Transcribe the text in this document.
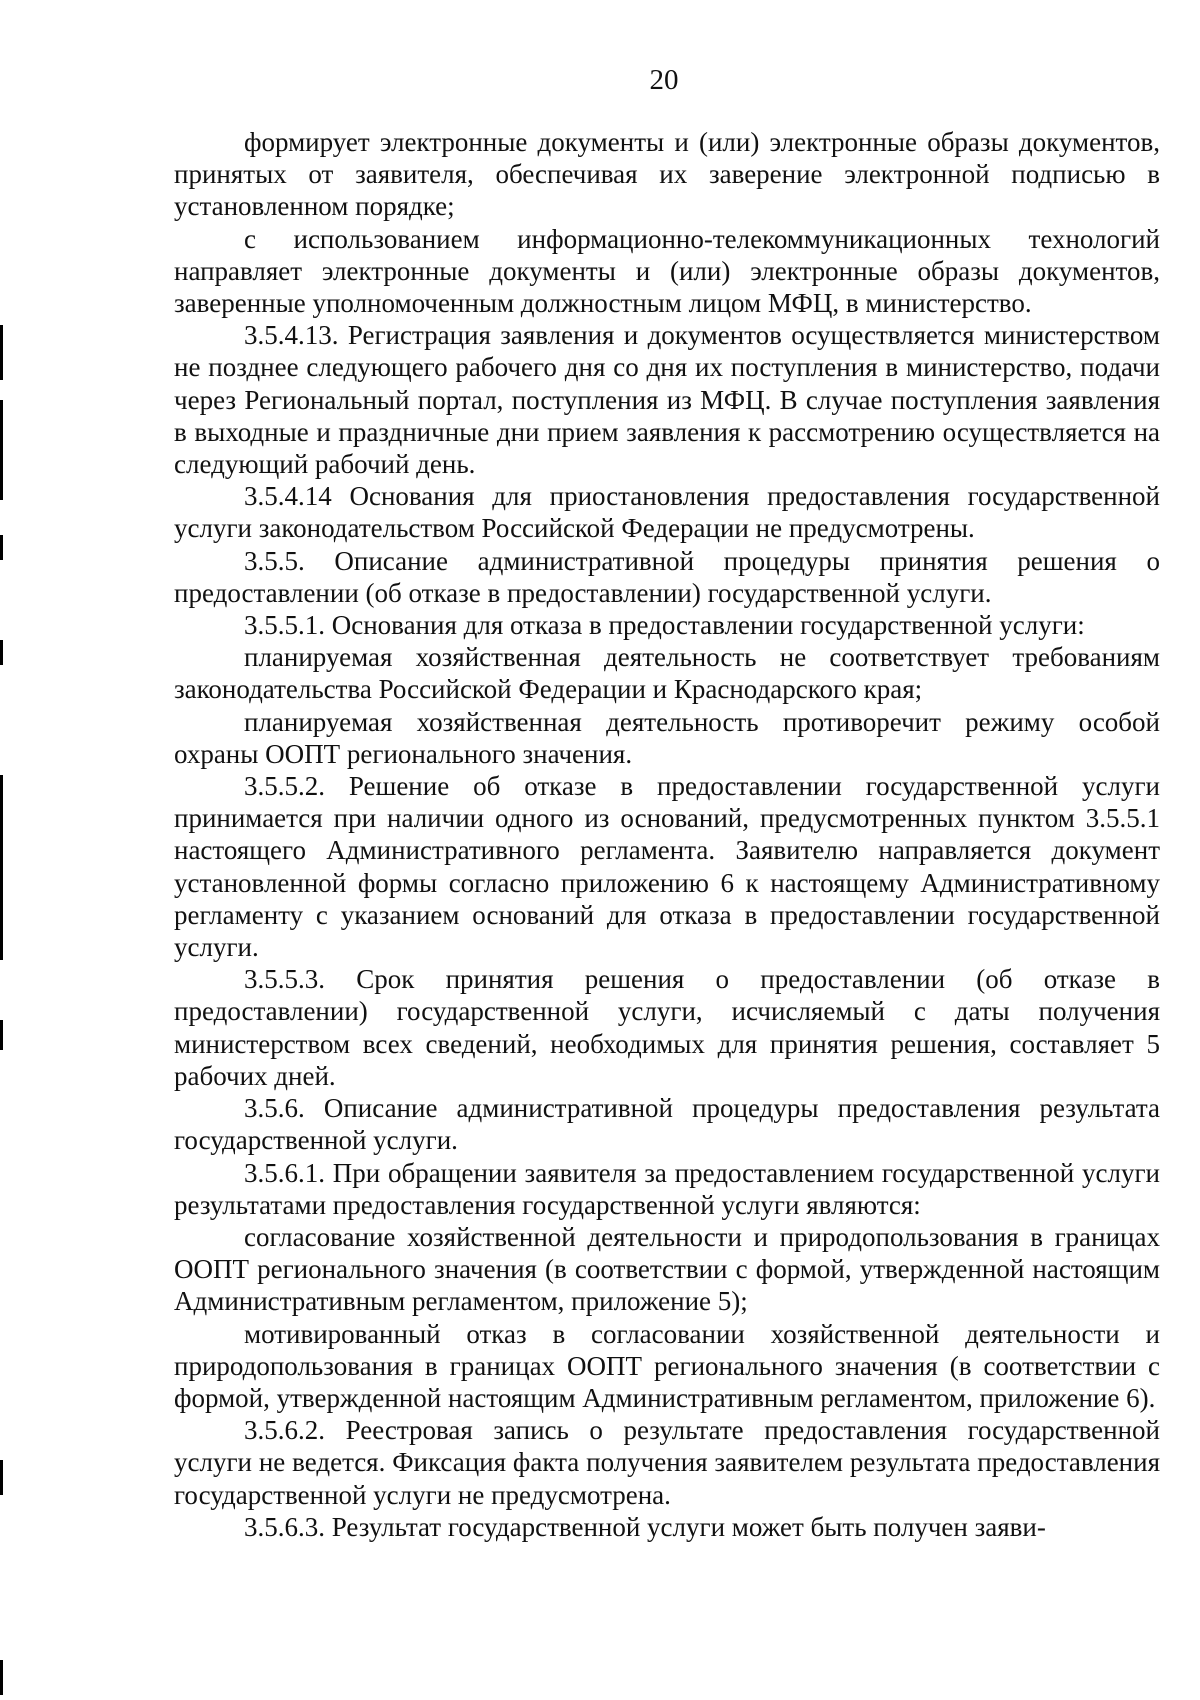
20

формирует электронные документы и (или) электронные образы документов, принятых от заявителя, обеспечивая их заверение электронной подписью в установленном порядке;

с использованием информационно-телекоммуникационных технологий направляет электронные документы и (или) электронные образы документов, заверенные уполномоченным должностным лицом МФЦ, в министерство.

3.5.4.13. Регистрация заявления и документов осуществляется министерством не позднее следующего рабочего дня со дня их поступления в министерство, подачи через Региональный портал, поступления из МФЦ. В случае поступления заявления в выходные и праздничные дни прием заявления к рассмотрению осуществляется на следующий рабочий день.

3.5.4.14 Основания для приостановления предоставления государственной услуги законодательством Российской Федерации не предусмотрены.

3.5.5. Описание административной процедуры принятия решения о предоставлении (об отказе в предоставлении) государственной услуги.

3.5.5.1. Основания для отказа в предоставлении государственной услуги:

планируемая хозяйственная деятельность не соответствует требованиям законодательства Российской Федерации и Краснодарского края;

планируемая хозяйственная деятельность противоречит режиму особой охраны ООПТ регионального значения.

3.5.5.2. Решение об отказе в предоставлении государственной услуги принимается при наличии одного из оснований, предусмотренных пунктом 3.5.5.1 настоящего Административного регламента. Заявителю направляется документ установленной формы согласно приложению 6 к настоящему Административному регламенту с указанием оснований для отказа в предоставлении государственной услуги.

3.5.5.3. Срок принятия решения о предоставлении (об отказе в предоставлении) государственной услуги, исчисляемый с даты получения министерством всех сведений, необходимых для принятия решения, составляет 5 рабочих дней.

3.5.6. Описание административной процедуры предоставления результата государственной услуги.

3.5.6.1. При обращении заявителя за предоставлением государственной услуги результатами предоставления государственной услуги являются:

согласование хозяйственной деятельности и природопользования в границах ООПТ регионального значения (в соответствии с формой, утвержденной настоящим Административным регламентом, приложение 5);

мотивированный отказ в согласовании хозяйственной деятельности и природопользования в границах ООПТ регионального значения (в соответствии с формой, утвержденной настоящим Административным регламентом, приложение 6).

3.5.6.2. Реестровая запись о результате предоставления государственной услуги не ведется. Фиксация факта получения заявителем результата предоставления государственной услуги не предусмотрена.

3.5.6.3. Результат государственной услуги может быть получен заяви-
